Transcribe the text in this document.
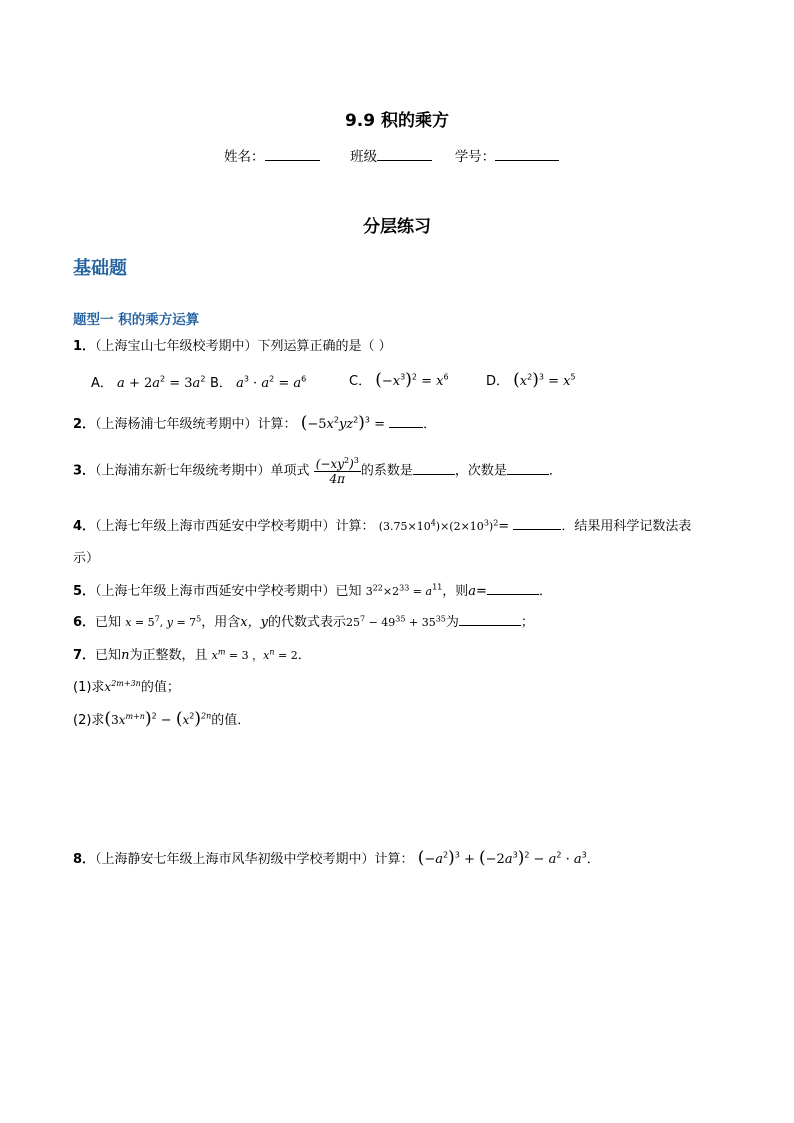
9.9 积的乘方
姓名：	班级	学号：
分层练习
基础题
题型一 积的乘方运算
1．（上海宝山七年级校考期中）下列运算正确的是（ ）
A． $a + 2a^2 = 3a^2$ B． $a^3 \cdot a^2 = a^6$	C． $(-x^3)^2 = x^6$	D． $(x^2)^3 = x^5$
2．（上海杨浦七年级统考期中）计算： $(-5x^2yz^2)^3$ =	．
3．（上海浦东新七年级统考期中）单项式 $\frac{(-xy^2)^3}{4\pi}$ 的系数是	，次数是	．
4．（上海七年级上海市西延安中学校考期中）计算： $(3.75\times 10^4)\times(2\times 10^3)^2=$	．结果用科学记数法表
示）
5．（上海七年级上海市西延安中学校考期中）已知 $3^{22}\times 2^{33} = a^{11}$，则a=	．
6．已知 $x = 5^7$, $y = 7^5$，用含x，y的代数式表示$25^7 - 49^{35} + 35^{35}$为	；
7．已知n为正整数，且 $x^m = 3$ ，$x^n = 2$．
(1)求$x^{2m+3n}$的值；
(2)求$(3x^{m+n})^2 - (x^2)^{2n}$的值．
8．（上海静安七年级上海市风华初级中学校考期中）计算： $(-a^2)^3 + (-2a^3)^2 - a^2 \cdot a^3$．
